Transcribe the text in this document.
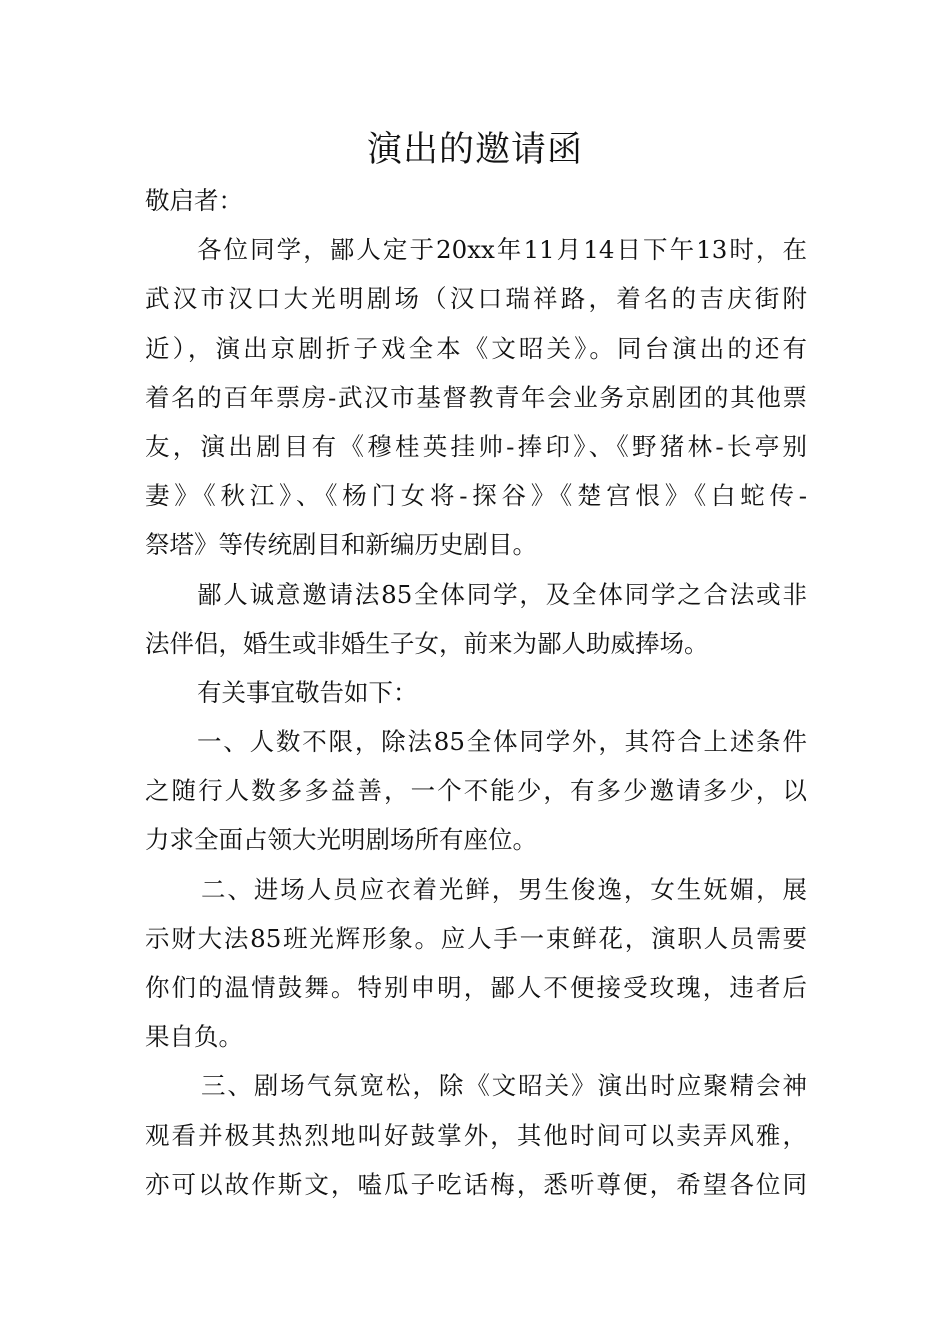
演出的邀请函
敬启者：
各位同学，鄙人定于20xx年11月14日下午13时，在
武汉市汉口大光明剧场（汉口瑞祥路，着名的吉庆街附
近），演出京剧折子戏全本《文昭关》。同台演出的还有
着名的百年票房-武汉市基督教青年会业务京剧团的其他票
友，演出剧目有《穆桂英挂帅-捧印》、《野猪林-长亭别
妻》《秋江》、《杨门女将-探谷》《楚宫恨》《白蛇传-
祭塔》等传统剧目和新编历史剧目。
鄙人诚意邀请法85全体同学，及全体同学之合法或非
法伴侣，婚生或非婚生子女，前来为鄙人助威捧场。
有关事宜敬告如下：
一、人数不限，除法85全体同学外，其符合上述条件
之随行人数多多益善，一个不能少，有多少邀请多少，以
力求全面占领大光明剧场所有座位。
二、进场人员应衣着光鲜，男生俊逸，女生妩媚，展
示财大法85班光辉形象。应人手一束鲜花，演职人员需要
你们的温情鼓舞。特别申明，鄙人不便接受玫瑰，违者后
果自负。
三、剧场气氛宽松，除《文昭关》演出时应聚精会神
观看并极其热烈地叫好鼓掌外，其他时间可以卖弄风雅，
亦可以故作斯文，嗑瓜子吃话梅，悉听尊便，希望各位同
